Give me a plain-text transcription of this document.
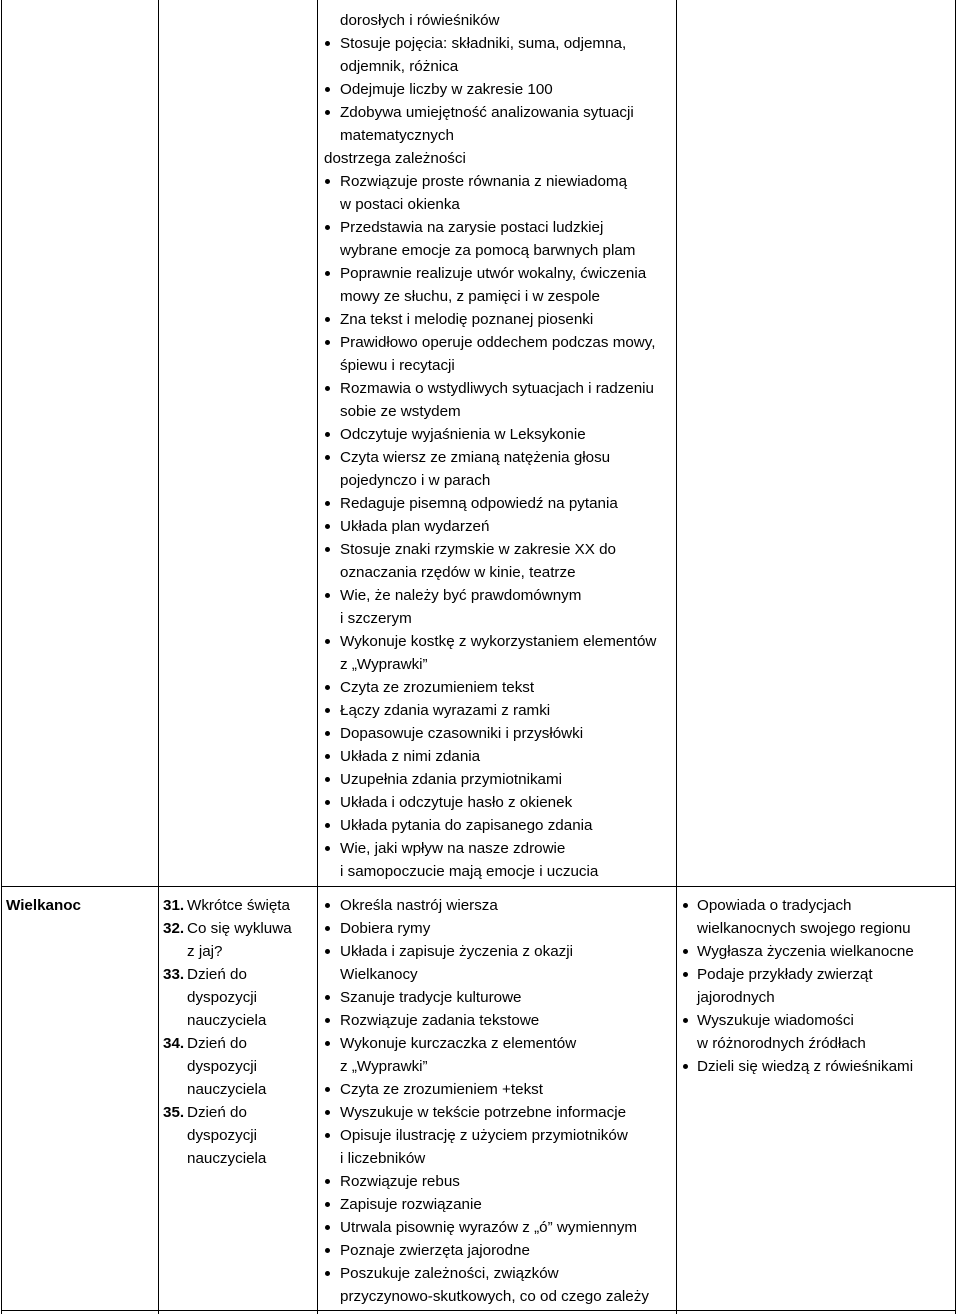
dorosłych i rówieśników
Stosuje pojęcia: składniki, suma, odjemna,
odjemnik, różnica
Odejmuje liczby w zakresie 100
Zdobywa umiejętność analizowania sytuacji
matematycznych
dostrzega zależności
Rozwiązuje proste równania z niewiadomą
w postaci okienka
Przedstawia na zarysie postaci ludzkiej
wybrane emocje za pomocą barwnych plam
Poprawnie realizuje utwór wokalny, ćwiczenia
mowy ze słuchu, z pamięci i w zespole
Zna tekst i melodię poznanej piosenki
Prawidłowo operuje oddechem podczas mowy,
śpiewu i recytacji
Rozmawia o wstydliwych sytuacjach i radzeniu
sobie ze wstydem
Odczytuje wyjaśnienia w Leksykonie
Czyta wiersz ze zmianą natężenia głosu
pojedynczo i w parach
Redaguje pisemną odpowiedź na pytania
Układa plan wydarzeń
Stosuje znaki rzymskie w zakresie XX do
oznaczania rzędów w kinie, teatrze
Wie, że należy być prawdomównym
i szczerym
Wykonuje kostkę z wykorzystaniem elementów
z „Wyprawki”
Czyta ze zrozumieniem tekst
Łączy zdania wyrazami z ramki
Dopasowuje czasowniki i przysłówki
Układa z nimi zdania
Uzupełnia zdania przymiotnikami
Układa i odczytuje hasło z okienek
Układa pytania do zapisanego zdania
Wie, jaki wpływ na nasze zdrowie
i samopoczucie mają emocje i uczucia
Wielkanoc	31. Wkrótce święta
32. Co się wykluwa
z jaj?
33. Dzień do
dyspozycji
nauczyciela
34. Dzień do
dyspozycji
nauczyciela
35. Dzień do
dyspozycji
nauczyciela
Określa nastrój wiersza
Dobiera rymy
Układa i zapisuje życzenia z okazji
Wielkanocy
Szanuje tradycje kulturowe
Rozwiązuje zadania tekstowe
Wykonuje kurczaczka z elementów
z „Wyprawki”
Czyta ze zrozumieniem +tekst
Wyszukuje w tekście potrzebne informacje
Opisuje ilustrację z użyciem przymiotników
i liczebników
Rozwiązuje rebus
Zapisuje rozwiązanie
Utrwala pisownię wyrazów z „ó” wymiennym
Poznaje zwierzęta jajorodne
Poszukuje zależności, związków
przyczynowo-skutkowych, co od czego zależy
Opowiada o tradycjach
wielkanocnych swojego regionu
Wygłasza życzenia wielkanocne
Podaje przykłady zwierząt
jajorodnych
Wyszukuje wiadomości
w różnorodnych źródłach
Dzieli się wiedzą z rówieśnikami
